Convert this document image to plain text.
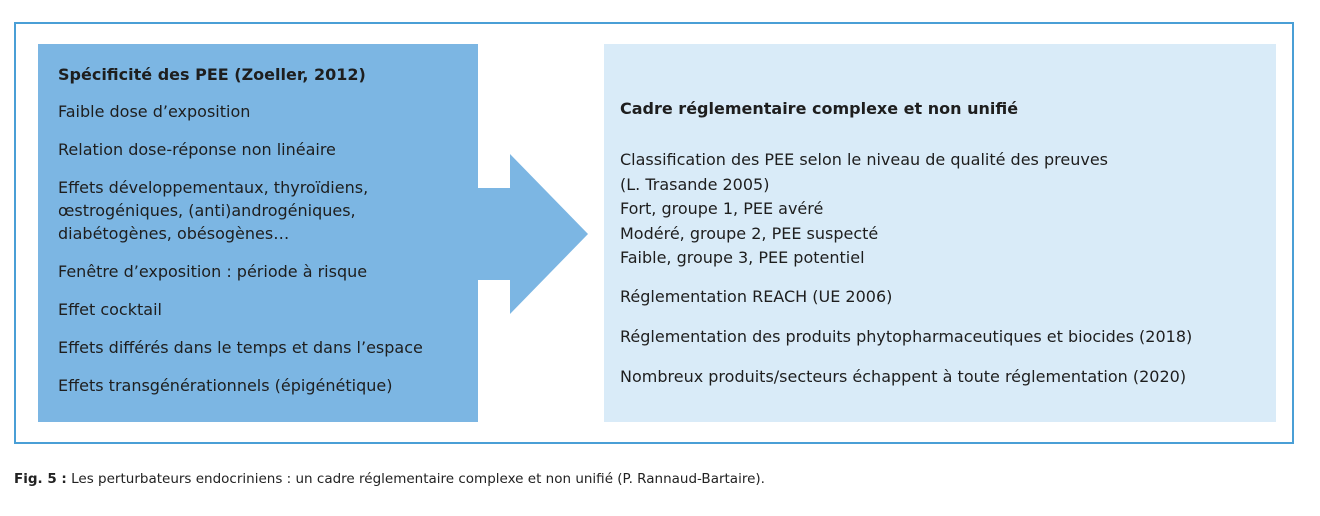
Spécificité des PEE (Zoeller, 2012)

Faible dose d’exposition
Relation dose-réponse non linéaire
Effets développementaux, thyroïdiens, œstrogéniques, (anti)androgéniques, diabétogènes, obésogènes…
Fenêtre d’exposition : période à risque
Effet cocktail
Effets différés dans le temps et dans l’espace
Effets transgénérationnels (épigénétique)

Cadre réglementaire complexe et non unifié

Classification des PEE selon le niveau de qualité des preuves

(L. Trasande 2005)

Fort, groupe 1, PEE avéré

Modéré, groupe 2, PEE suspecté

Faible, groupe 3, PEE potentiel

Réglementation REACH (UE 2006)

Réglementation des produits phytopharmaceutiques et biocides (2018)

Nombreux produits/secteurs échappent à toute réglementation (2020)

Fig. 5 : Les perturbateurs endocriniens : un cadre réglementaire complexe et non unifié (P. Rannaud-Bartaire).
